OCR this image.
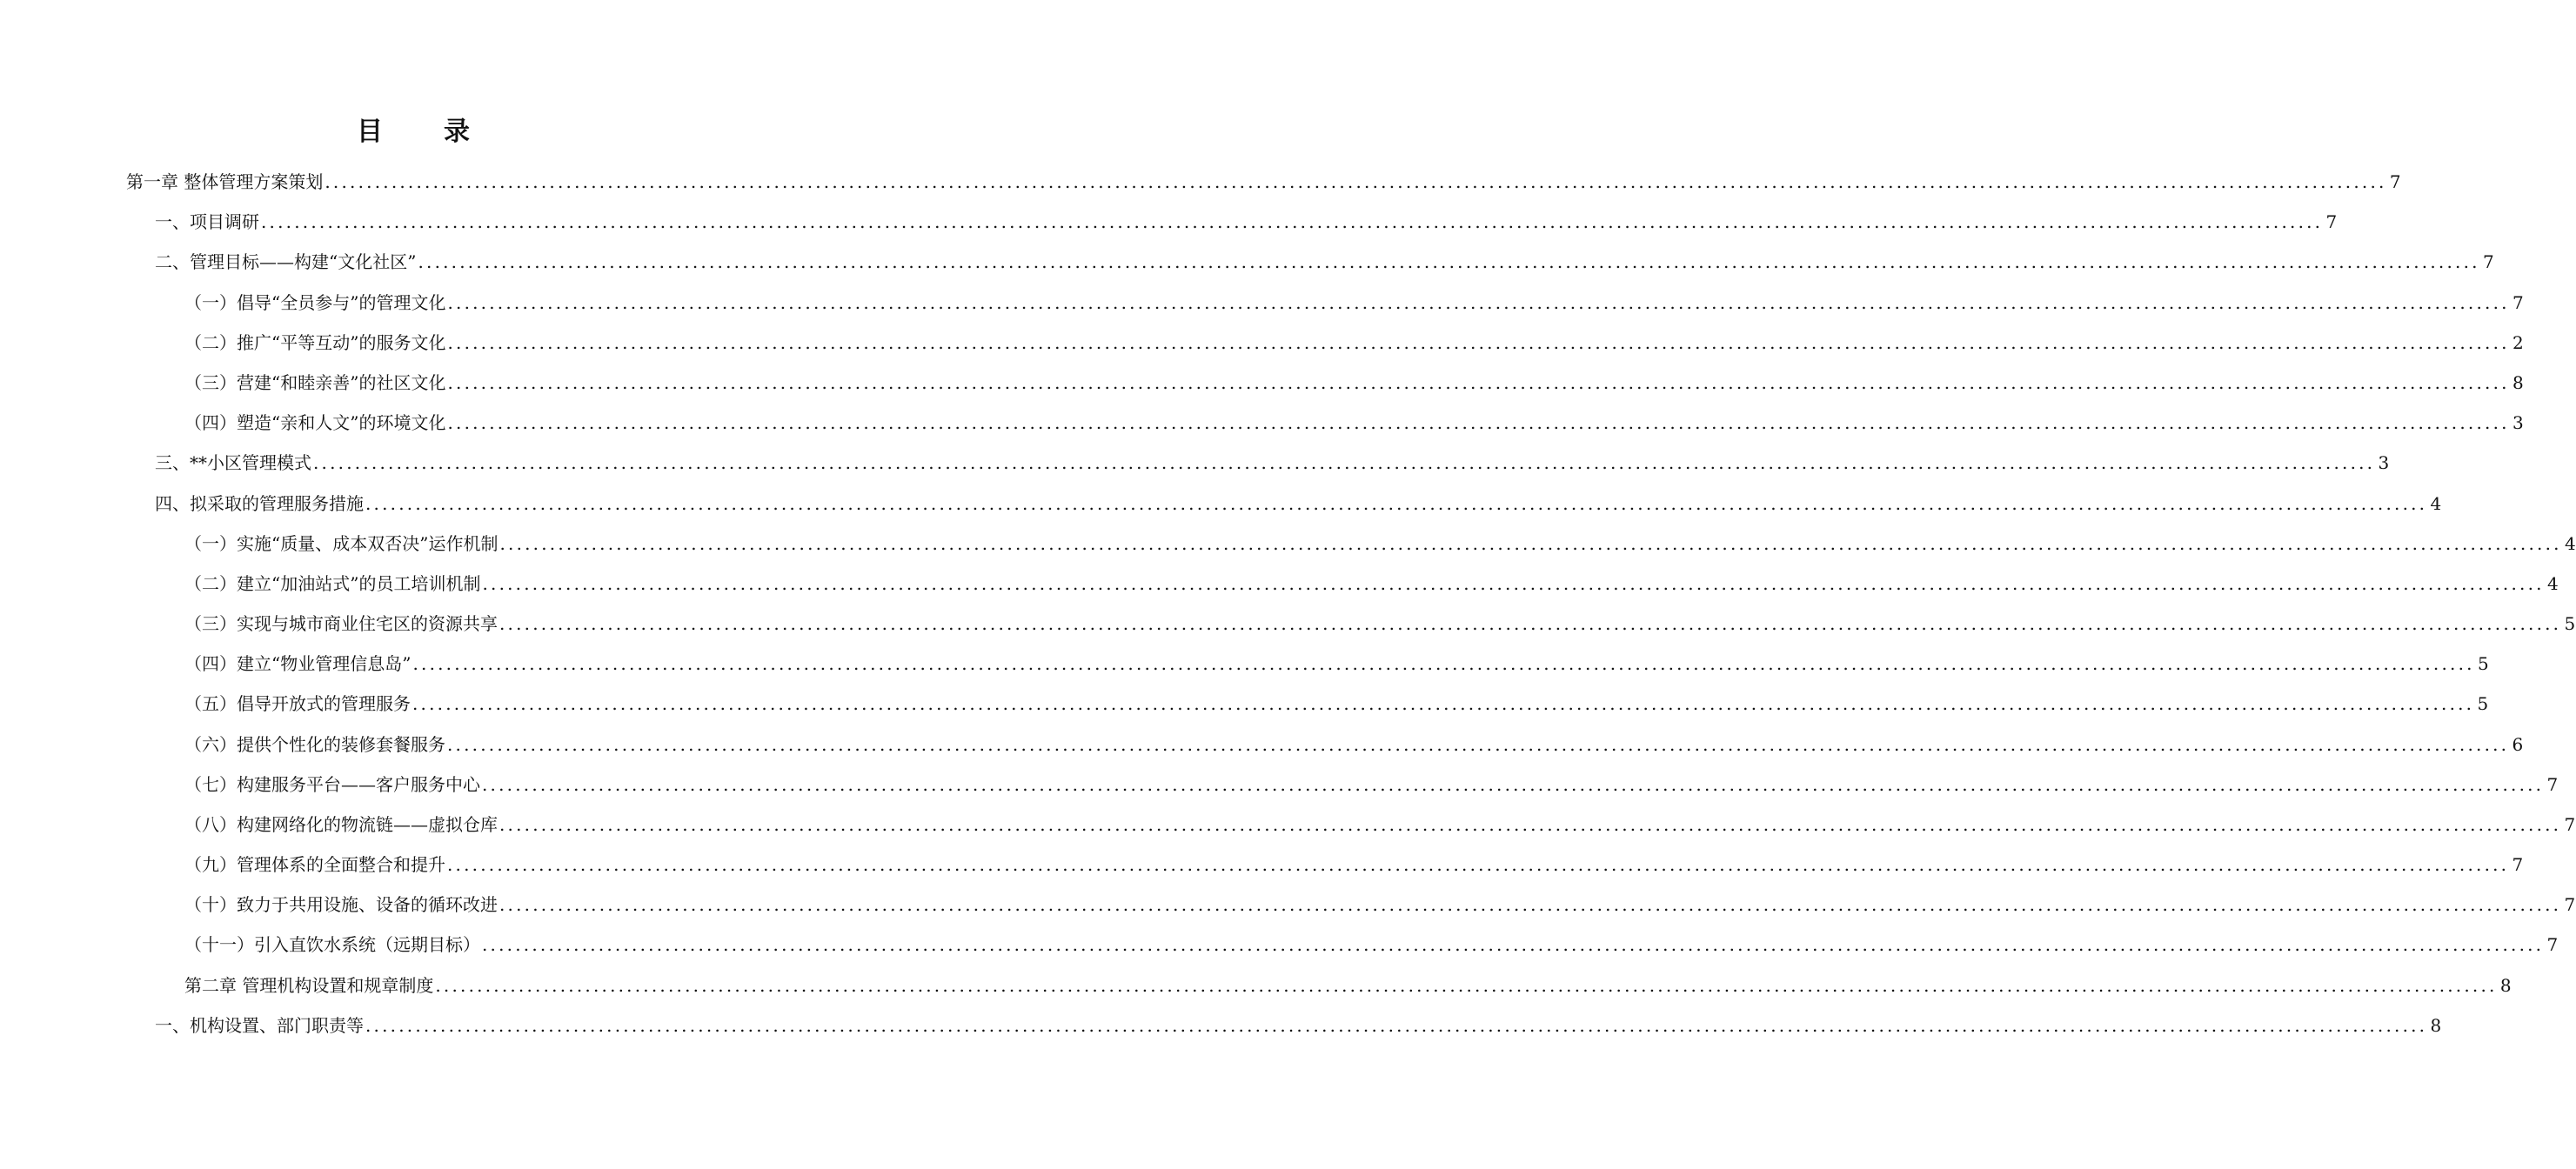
目 录
第一章 整体管理方案策划 ........................................................................................................................................................................................................................................................ 7
一、项目调研 ........................................................................................................................................................................................................................................................ 7
二、管理目标——构建“文化社区” ........................................................................................................................................................................................................................................................ 7
（一）倡导“全员参与”的管理文化 ........................................................................................................................................................................................................................................................ 7
（二）推广“平等互动”的服务文化 ........................................................................................................................................................................................................................................................ 2
（三）营建“和睦亲善”的社区文化 ........................................................................................................................................................................................................................................................ 8
（四）塑造“亲和人文”的环境文化 ........................................................................................................................................................................................................................................................ 3
三、**小区管理模式 ........................................................................................................................................................................................................................................................ 3
四、拟采取的管理服务措施 ........................................................................................................................................................................................................................................................ 4
（一）实施“质量、成本双否决”运作机制 ........................................................................................................................................................................................................................................................ 4
（二）建立“加油站式”的员工培训机制 ........................................................................................................................................................................................................................................................ 4
（三）实现与城市商业住宅区的资源共享 ........................................................................................................................................................................................................................................................ 5
（四）建立“物业管理信息岛” ........................................................................................................................................................................................................................................................ 5
（五）倡导开放式的管理服务 ........................................................................................................................................................................................................................................................ 5
（六）提供个性化的装修套餐服务 ........................................................................................................................................................................................................................................................ 6
（七）构建服务平台——客户服务中心 ........................................................................................................................................................................................................................................................ 7
（八）构建网络化的物流链——虚拟仓库 ........................................................................................................................................................................................................................................................ 7
（九）管理体系的全面整合和提升 ........................................................................................................................................................................................................................................................ 7
（十）致力于共用设施、设备的循环改进 ........................................................................................................................................................................................................................................................ 7
（十一）引入直饮水系统（远期目标） ........................................................................................................................................................................................................................................................ 7
第二章 管理机构设置和规章制度 ........................................................................................................................................................................................................................................................ 8
一、机构设置、部门职责等 ........................................................................................................................................................................................................................................................ 8
